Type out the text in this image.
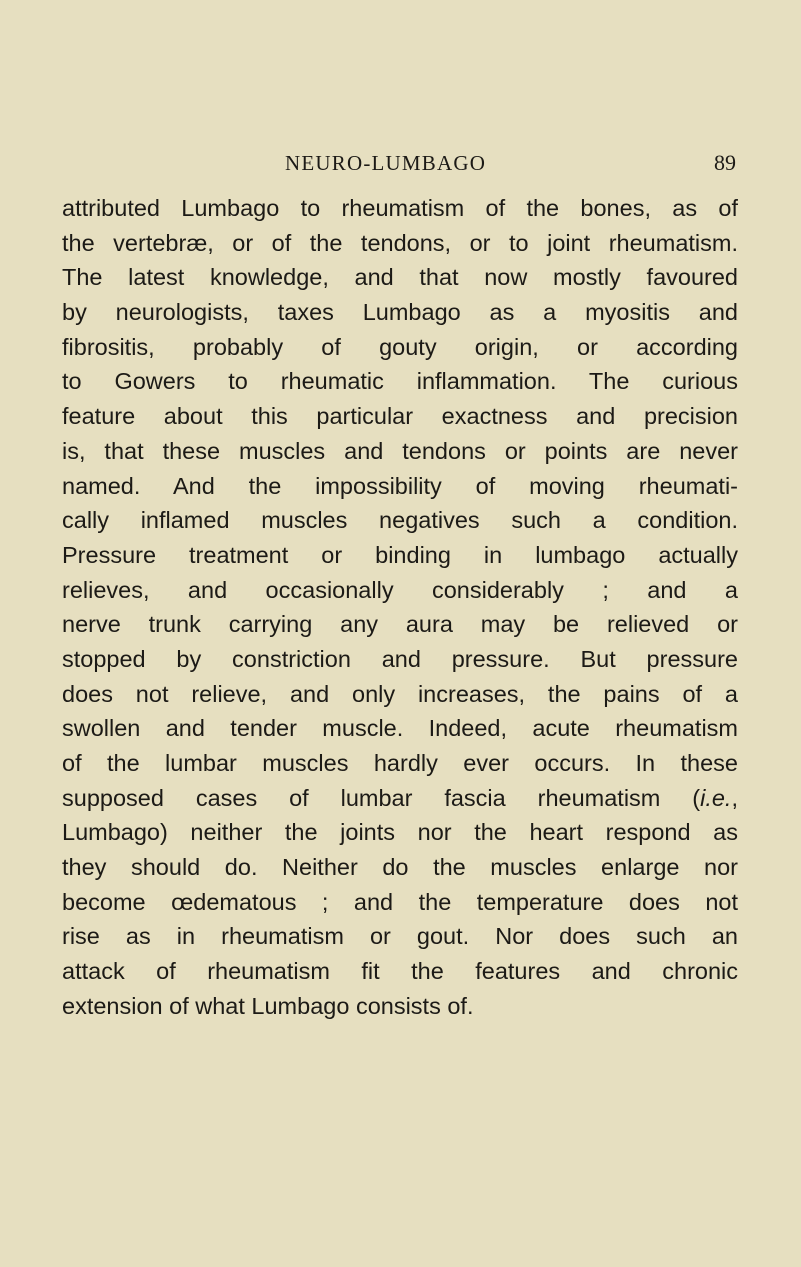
NEURO-LUMBAGO	89
attributed Lumbago to rheumatism of the bones, as of
the vertebræ, or of the tendons, or to joint rheumatism.
The latest knowledge, and that now mostly favoured
by neurologists, taxes Lumbago as a myositis and
fibrositis, probably of gouty origin, or according
to Gowers to rheumatic inflammation. The curious
feature about this particular exactness and precision
is, that these muscles and tendons or points are never
named. And the impossibility of moving rheumati-
cally inflamed muscles negatives such a condition.
Pressure treatment or binding in lumbago actually
relieves, and occasionally considerably ; and a
nerve trunk carrying any aura may be relieved or
stopped by constriction and pressure. But pressure
does not relieve, and only increases, the pains of a
swollen and tender muscle. Indeed, acute rheumatism
of the lumbar muscles hardly ever occurs. In these
supposed cases of lumbar fascia rheumatism (i.e.,
Lumbago) neither the joints nor the heart respond as
they should do. Neither do the muscles enlarge nor
become œdematous ; and the temperature does not
rise as in rheumatism or gout. Nor does such an
attack of rheumatism fit the features and chronic
extension of what Lumbago consists of.
